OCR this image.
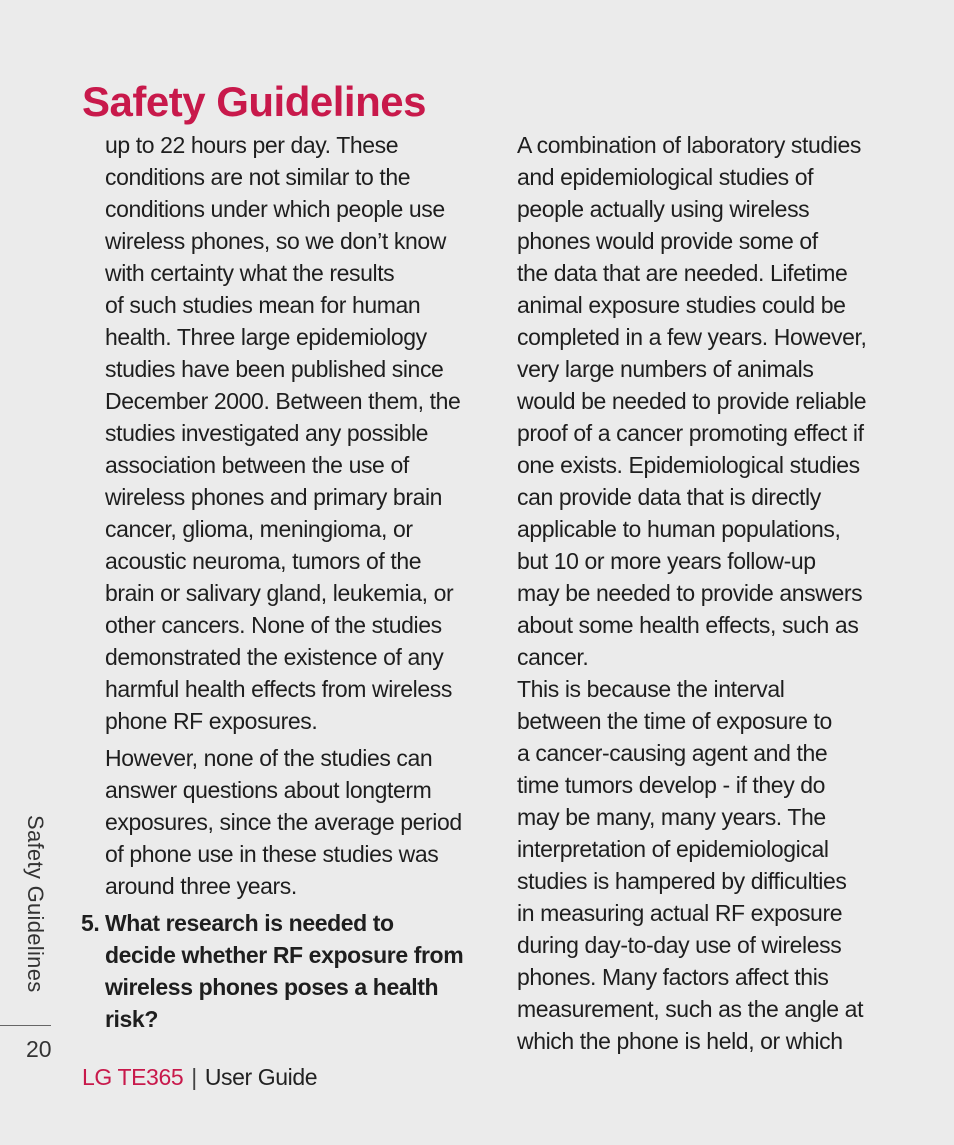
Safety Guidelines
up to 22 hours per day. These
conditions are not similar to the
conditions under which people use
wireless phones, so we don’t know
with certainty what the results
of such studies mean for human
health. Three large epidemiology
studies have been published since
December 2000. Between them, the
studies investigated any possible
association between the use of
wireless phones and primary brain
cancer, glioma, meningioma, or
acoustic neuroma, tumors of the
brain or salivary gland, leukemia, or
other cancers. None of the studies
demonstrated the existence of any
harmful health effects from wireless
phone RF exposures.
However, none of the studies can
answer questions about longterm
exposures, since the average period
of phone use in these studies was
around three years.
5. What research is needed to
decide whether RF exposure from
wireless phones poses a health
risk?
A combination of laboratory studies
and epidemiological studies of
people actually using wireless
phones would provide some of
the data that are needed. Lifetime
animal exposure studies could be
completed in a few years. However,
very large numbers of animals
would be needed to provide reliable
proof of a cancer promoting effect if
one exists. Epidemiological studies
can provide data that is directly
applicable to human populations,
but 10 or more years follow-up
may be needed to provide answers
about some health effects, such as
cancer.
This is because the interval
between the time of exposure to
a cancer-causing agent and the
time tumors develop - if they do
may be many, many years. The
interpretation of epidemiological
studies is hampered by difficulties
in measuring actual RF exposure
during day-to-day use of wireless
phones. Many factors affect this
measurement, such as the angle at
which the phone is held, or which
Safety Guidelines
20
LG TE365 | User Guide
